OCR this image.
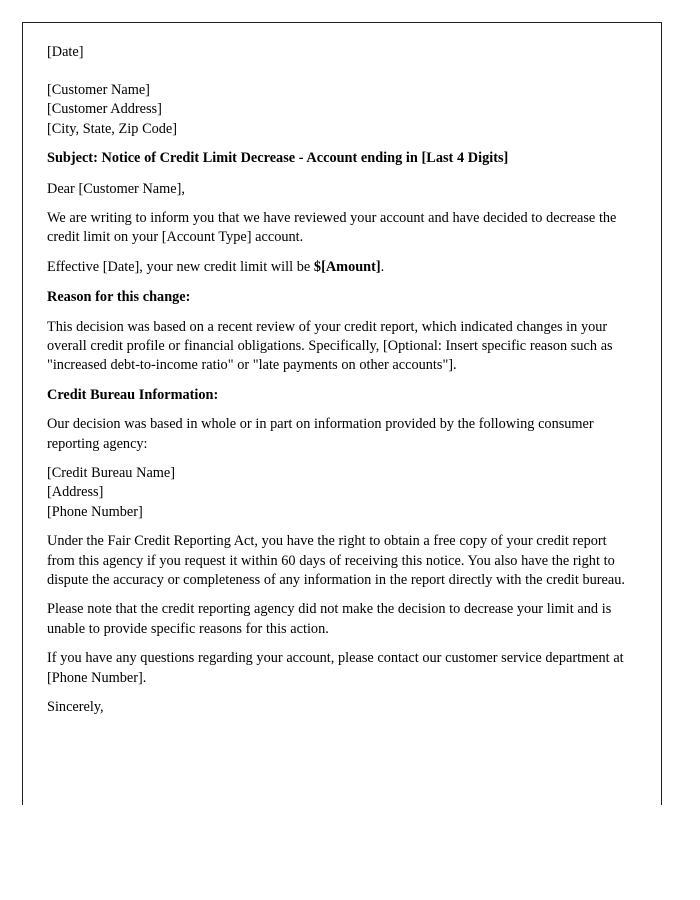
[Date]

[Customer Name]

[Customer Address]

[City, State, Zip Code]

Subject: Notice of Credit Limit Decrease - Account ending in [Last 4 Digits]

Dear [Customer Name],

We are writing to inform you that we have reviewed your account and have decided to decrease the credit limit on your [Account Type] account.

Effective [Date], your new credit limit will be $[Amount].

Reason for this change:

This decision was based on a recent review of your credit report, which indicated changes in your overall credit profile or financial obligations. Specifically, [Optional: Insert specific reason such as "increased debt-to-income ratio" or "late payments on other accounts"].

Credit Bureau Information:

Our decision was based in whole or in part on information provided by the following consumer reporting agency:

[Credit Bureau Name]

[Address]

[Phone Number]

Under the Fair Credit Reporting Act, you have the right to obtain a free copy of your credit report from this agency if you request it within 60 days of receiving this notice. You also have the right to dispute the accuracy or completeness of any information in the report directly with the credit bureau.

Please note that the credit reporting agency did not make the decision to decrease your limit and is unable to provide specific reasons for this action.

If you have any questions regarding your account, please contact our customer service department at [Phone Number].

Sincerely,
